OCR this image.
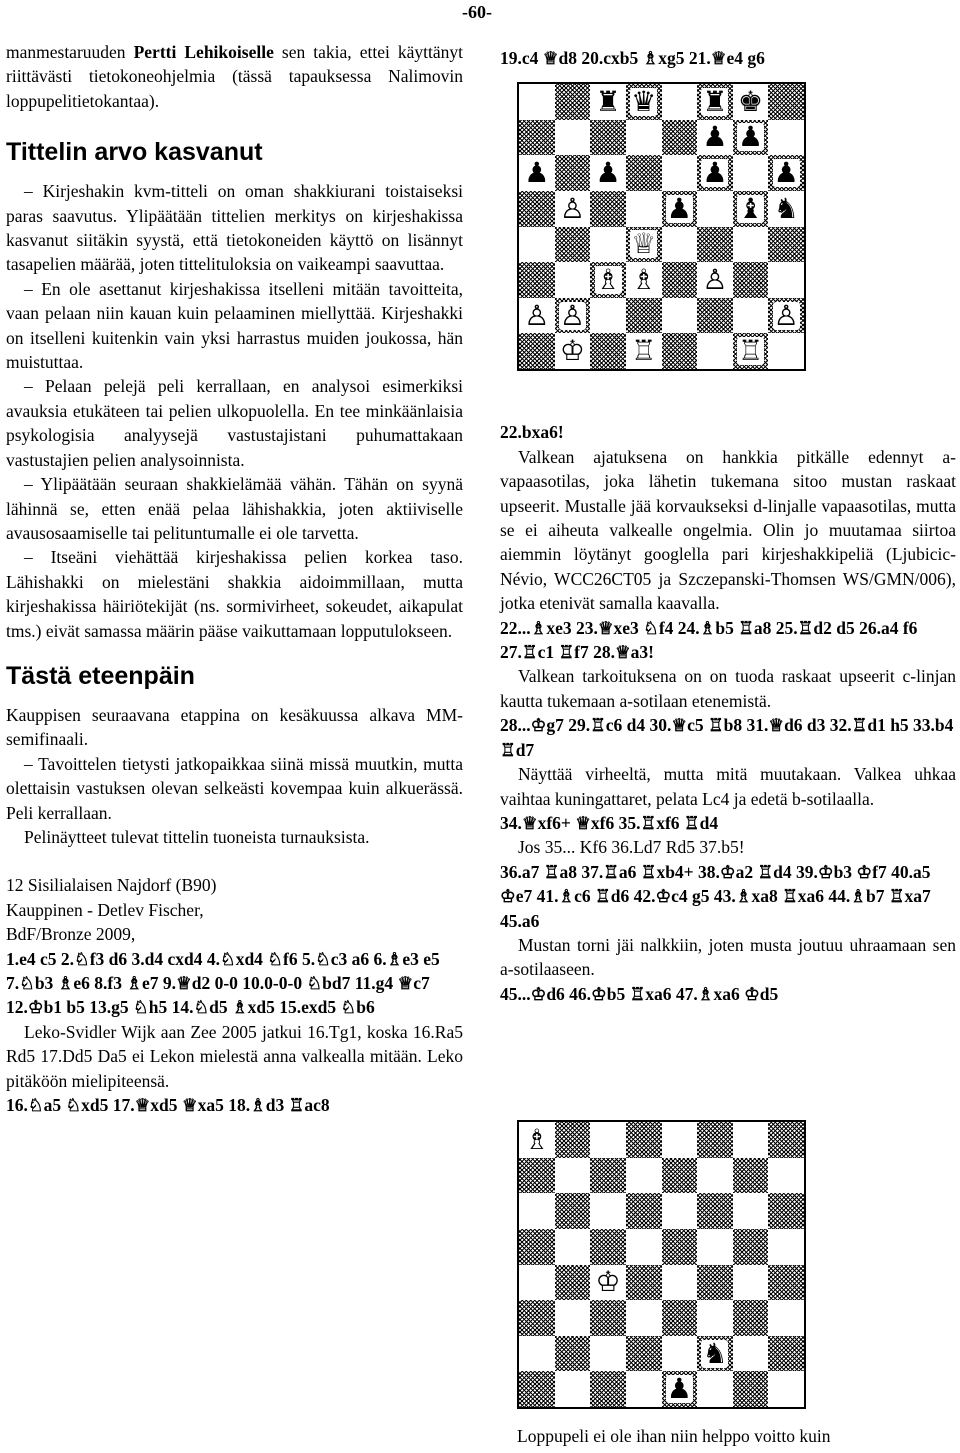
-60-

manmestaruuden Pertti Lehikoiselle sen takia, ettei käyttänyt riittävästi tietokoneohjelmia (tässä tapauksessa Nalimovin loppupelitietokantaa).

Tittelin arvo kasvanut

– Kirjeshakin kvm-titteli on oman shakkiurani toistaiseksi paras saavutus. Ylipäätään tittelien merkitys on kirjeshakissa kasvanut siitäkin syystä, että tietokoneiden käyttö on lisännyt tasapelien määrää, joten tittelituloksia on vaikeampi saavuttaa.

– En ole asettanut kirjeshakissa itselleni mitään tavoitteita, vaan pelaan niin kauan kuin pelaaminen miellyttää. Kirjeshakki on itselleni kuitenkin vain yksi harrastus muiden joukossa, hän muistuttaa.

– Pelaan pelejä peli kerrallaan, en analysoi esimerkiksi avauksia etukäteen tai pelien ulkopuolella. En tee minkäänlaisia psykologisia analyysejä vastustajistani puhumattakaan vastustajien pelien analysoinnista.

– Ylipäätään seuraan shakkielämää vähän. Tähän on syynä lähinnä se, etten enää pelaa lähishakkia, joten aktiiviselle avausosaamiselle tai pelituntumalle ei ole tarvetta.

– Itseäni viehättää kirjeshakissa pelien korkea taso. Lähishakki on mielestäni shakkia aidoimmillaan, mutta kirjeshakissa häiriötekijät (ns. sormivirheet, sokeudet, aikapulat tms.) eivät samassa määrin pääse vaikuttamaan lopputulokseen.

Tästä eteenpäin

Kauppisen seuraavana etappina on kesäkuussa alkava MM-semifinaali.

– Tavoittelen tietysti jatkopaikkaa siinä missä muutkin, mutta olettaisin vastuksen olevan selkeästi kovempaa kuin alkuerässä. Peli kerrallaan.

Pelinäytteet tulevat tittelin tuoneista turnauksista.

12 Sisilialaisen Najdorf (B90)

Kauppinen - Detlev Fischer,

BdF/Bronze 2009,

1.e4 c5 2.♘f3 d6 3.d4 cxd4 4.♘xd4 ♘f6 5.♘c3 a6 6.♗e3 e5 7.♘b3 ♗e6 8.f3 ♗e7 9.♕d2 0-0 10.0-0-0 ♘bd7 11.g4 ♕c7 12.♔b1 b5 13.g5 ♘h5 14.♘d5 ♗xd5 15.exd5 ♘b6

Leko-Svidler Wijk aan Zee 2005 jatkui 16.Tg1, koska 16.Ra5 Rd5 17.Dd5 Da5 ei Lekon mielestä anna valkealla mitään. Leko pitäköön mielipiteensä.

16.♘a5 ♘xd5 17.♕xd5 ♕xa5 18.♗d3 ♖ac8

19.c4 ♕d8 20.cxb5 ♗xg5 21.♕e4 g6

22.bxa6!

Valkean ajatuksena on hankkia pitkälle edennyt a-vapaasotilas, joka lähetin tukemana sitoo mustan raskaat upseerit. Mustalle jää korvaukseksi d-linjalle vapaasotilas, mutta se ei aiheuta valkealle ongelmia. Olin jo muutamaa siirtoa aiemmin löytänyt googlella pari kirjeshakkipeliä (Ljubicic-Névio, WCC26CT05 ja Szczepanski-Thomsen WS/GMN/006), jotka etenivät samalla kaavalla.

22...♗xe3 23.♕xe3 ♘f4 24.♗b5 ♖a8 25.♖d2 d5 26.a4 f6 27.♖c1 ♖f7 28.♕a3!

Valkean tarkoituksena on on tuoda raskaat upseerit c-linjan kautta tukemaan a-sotilaan etenemistä.

28...♔g7 29.♖c6 d4 30.♕c5 ♖b8 31.♕d6 d3 32.♖d1 h5 33.b4 ♖d7

Näyttää virheeltä, mutta mitä muutakaan. Valkea uhkaa vaihtaa kuningattaret, pelata Lc4 ja edetä b-sotilaalla.

34.♕xf6+ ♕xf6 35.♖xf6 ♖d4

Jos 35... Kf6 36.Ld7 Rd5 37.b5!

36.a7 ♖a8 37.♖a6 ♖xb4+ 38.♔a2 ♖d4 39.♔b3 ♔f7 40.a5 ♔e7 41.♗c6 ♖d6 42.♔c4 g5 43.♗xa8 ♖xa6 44.♗b7 ♖xa7 45.a6

Mustan torni jäi nalkkiin, joten musta joutuu uhraamaan sen a-sotilaaseen.

45...♔d6 46.♔b5 ♖xa6 47.♗xa6 ♔d5

♜ ♛ ♜ ♚
♟ ♟
♟ ♟	♟ ♟
♙	♟ ♝ ♞
♕
♗ ♗ ♙
♙ ♙	♙
♔ ♖	♖
♗
♔
♞
♟
Loppupeli ei ole ihan niin helppo voitto kuin
